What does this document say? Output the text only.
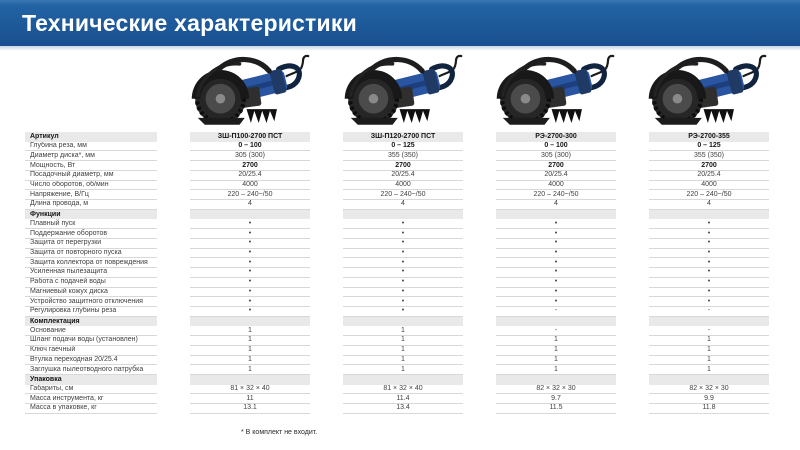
Технические характеристики
Артикул	ЗШ-П100-2700 ПСТ	ЗШ-П120-2700 ПСТ	РЭ-2700-300	РЭ-2700-355
Глубина реза, мм	0 – 100	0 – 125	0 – 100	0 – 125
Диаметр диска*, мм	305 (300)	355 (350)	305 (300)	355 (350)
Мощность, Вт	2700	2700	2700	2700
Посадочный диаметр, мм	20/25.4	20/25.4	20/25.4	20/25.4
Число оборотов, об/мин	4000	4000	4000	4000
Напряжение, В/Гц	220 – 240~/50	220 – 240~/50	220 – 240~/50	220 – 240~/50
Длина провода, м	4	4	4	4
Функции
Плавный пуск	•	•	•	•
Поддержание оборотов	•	•	•	•
Защита от перегрузки	•	•	•	•
Защита от повторного пуска	•	•	•	•
Защита коллектора от повреждения	•	•	•	•
Усиленная пылезащита	•	•	•	•
Работа с подачей воды	•	•	•	•
Магниевый кожух диска	•	•	•	•
Устройство защитного отключения	•	•	•	•
Регулировка глубины реза	•	•	-	-
Комплектация
Основание	1	1	-	-
Шланг подачи воды (установлен)	1	1	1	1
Ключ гаечный	1	1	1	1
Втулка переходная 20/25.4	1	1	1	1
Заглушка пылеотводного патрубка	1	1	1	1
Упаковка
Габариты, см	81 × 32 × 40	81 × 32 × 40	82 × 32 × 30	82 × 32 × 30
Масса инструмента, кг	11	11.4	9.7	9.9
Масса в упаковке, кг	13.1	13.4	11.5	11.8
* В комплект не входит.
